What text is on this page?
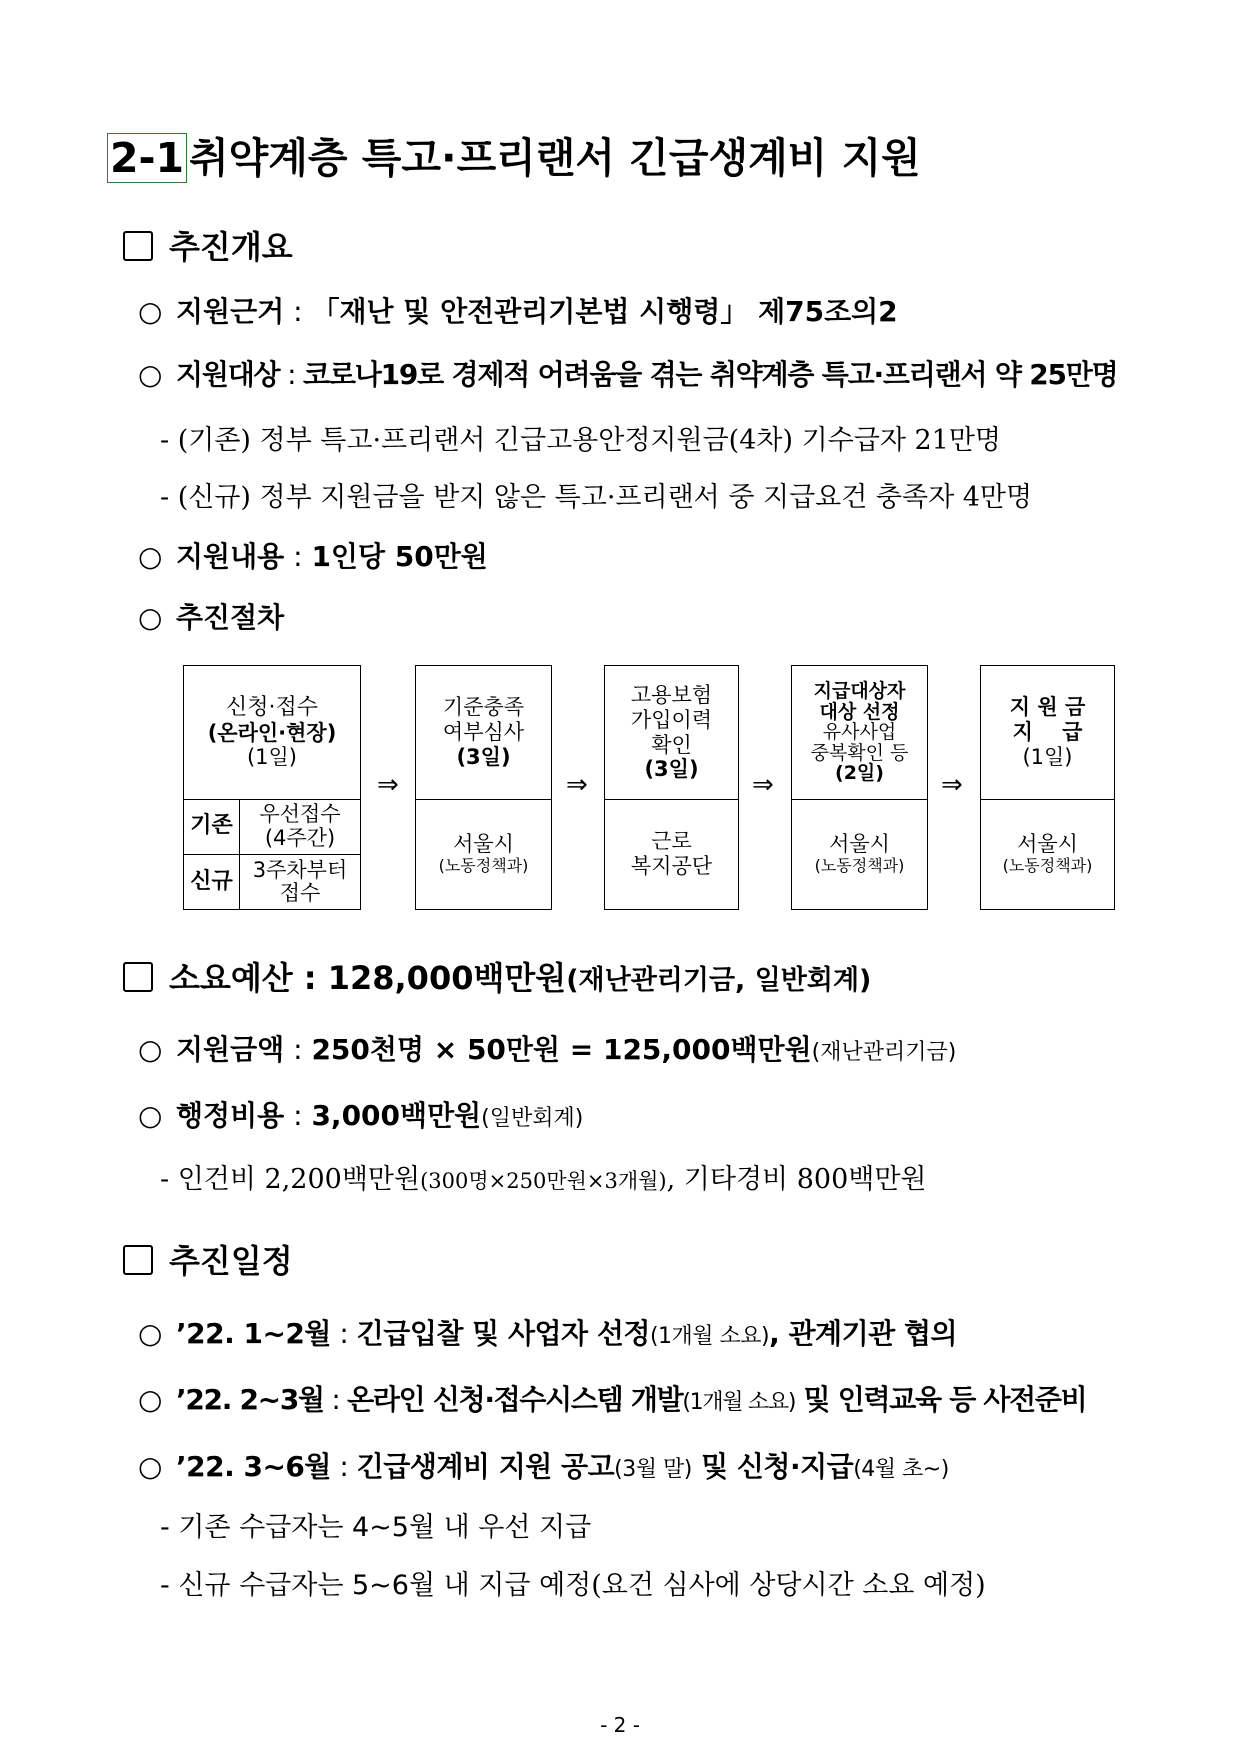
2-1 취약계층 특고·프리랜서 긴급생계비 지원
추진개요
○ 지원근거 : 「재난 및 안전관리기본법 시행령」 제75조의2
○ 지원대상 : 코로나19로 경제적 어려움을 겪는 취약계층 특고·프리랜서 약 25만명
- (기존) 정부 특고·프리랜서 긴급고용안정지원금(4차) 기수급자 21만명
- (신규) 정부 지원금을 받지 않은 특고·프리랜서 중 지급요건 충족자 4만명
○ 지원내용 : 1인당 50만원
○ 추진절차
신청·접수
(온라인·현장)
(1일)
기존 우선접수
(4주간)
신규 3주차부터
접수
⇒
기준충족
여부심사
(3일)
서울시
(노동정책과)
⇒
고용보험
가입이력
확인
(3일)
근로
복지공단
⇒
지급대상자
대상 선정
유사사업
중복확인 등
(2일)
서울시
(노동정책과)
⇒
지 원 금
지    급
(1일)
서울시
(노동정책과)
소요예산 : 128,000백만원(재난관리기금, 일반회계)
○ 지원금액 : 250천명 × 50만원 = 125,000백만원(재난관리기금)
○ 행정비용 : 3,000백만원(일반회계)
- 인건비 2,200백만원(300명×250만원×3개월), 기타경비 800백만원
추진일정
○ ’22. 1~2월 : 긴급입찰 및 사업자 선정(1개월 소요), 관계기관 협의
○ ’22. 2~3월 : 온라인 신청·접수시스템 개발(1개월 소요) 및 인력교육 등 사전준비
○ ’22. 3~6월 : 긴급생계비 지원 공고(3월 말) 및 신청·지급(4월 초~)
- 기존 수급자는 4~5월 내 우선 지급
- 신규 수급자는 5~6월 내 지급 예정(요건 심사에 상당시간 소요 예정)
- 2 -
